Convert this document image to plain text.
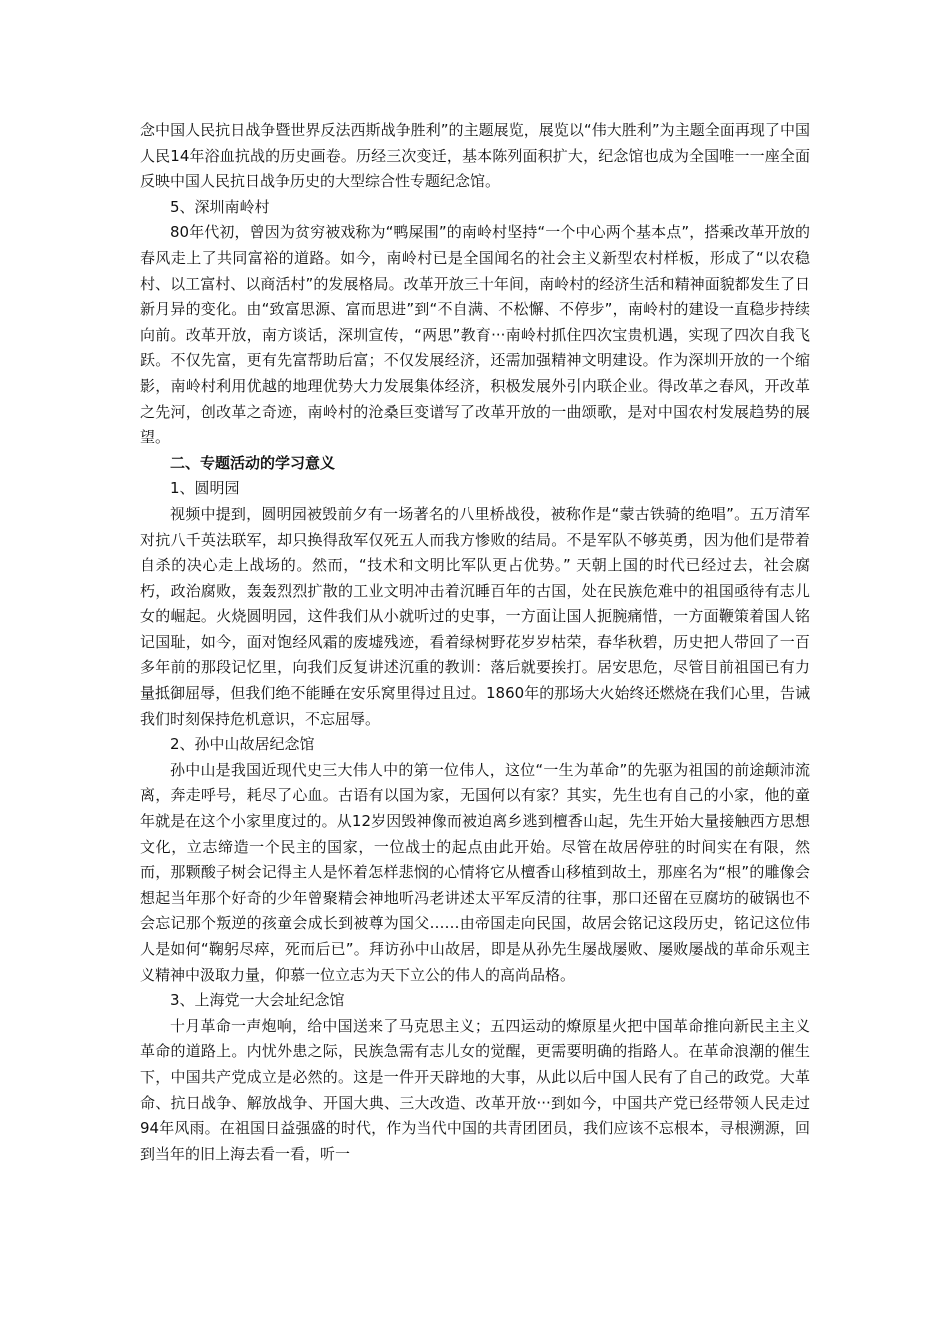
念中国人民抗日战争暨世界反法西斯战争胜利”的主题展览，展览以“伟大胜利”为主题全面再现了中国人民14年浴血抗战的历史画卷。历经三次变迁，基本陈列面积扩大，纪念馆也成为全国唯一一座全面反映中国人民抗日战争历史的大型综合性专题纪念馆。

5、深圳南岭村

80年代初，曾因为贫穷被戏称为“鸭屎围”的南岭村坚持“一个中心两个基本点”，搭乘改革开放的春风走上了共同富裕的道路。如今，南岭村已是全国闻名的社会主义新型农村样板，形成了“以农稳村、以工富村、以商活村”的发展格局。改革开放三十年间，南岭村的经济生活和精神面貌都发生了日新月异的变化。由“致富思源、富而思进”到“不自满、不松懈、不停步”，南岭村的建设一直稳步持续向前。改革开放，南方谈话，深圳宣传，“两思”教育···南岭村抓住四次宝贵机遇，实现了四次自我飞跃。不仅先富，更有先富帮助后富；不仅发展经济，还需加强精神文明建设。作为深圳开放的一个缩影，南岭村利用优越的地理优势大力发展集体经济，积极发展外引内联企业。得改革之春风，开改革之先河，创改革之奇迹，南岭村的沧桑巨变谱写了改革开放的一曲颂歌，是对中国农村发展趋势的展望。

二、专题活动的学习意义

1、圆明园

视频中提到，圆明园被毁前夕有一场著名的八里桥战役，被称作是“蒙古铁骑的绝唱”。五万清军对抗八千英法联军，却只换得敌军仅死五人而我方惨败的结局。不是军队不够英勇，因为他们是带着自杀的决心走上战场的。然而，“技术和文明比军队更占优势。” 天朝上国的时代已经过去，社会腐朽，政治腐败，轰轰烈烈扩散的工业文明冲击着沉睡百年的古国，处在民族危难中的祖国亟待有志儿女的崛起。火烧圆明园，这件我们从小就听过的史事，一方面让国人扼腕痛惜，一方面鞭策着国人铭记国耻，如今，面对饱经风霜的废墟残迹，看着绿树野花岁岁枯荣，春华秋碧，历史把人带回了一百多年前的那段记忆里，向我们反复讲述沉重的教训：落后就要挨打。居安思危，尽管目前祖国已有力量抵御屈辱，但我们绝不能睡在安乐窝里得过且过。1860年的那场大火始终还燃烧在我们心里，告诫我们时刻保持危机意识，不忘屈辱。

2、孙中山故居纪念馆

孙中山是我国近现代史三大伟人中的第一位伟人，这位“一生为革命”的先驱为祖国的前途颠沛流离，奔走呼号，耗尽了心血。古语有以国为家，无国何以有家？其实，先生也有自己的小家，他的童年就是在这个小家里度过的。从12岁因毁神像而被迫离乡逃到檀香山起，先生开始大量接触西方思想文化，立志缔造一个民主的国家，一位战士的起点由此开始。尽管在故居停驻的时间实在有限，然而，那颗酸子树会记得主人是怀着怎样悲悯的心情将它从檀香山移植到故土，那座名为“根”的雕像会想起当年那个好奇的少年曾聚精会神地听冯老讲述太平军反清的往事，那口还留在豆腐坊的破锅也不会忘记那个叛逆的孩童会成长到被尊为国父……由帝国走向民国，故居会铭记这段历史，铭记这位伟人是如何“鞠躬尽瘁，死而后已”。拜访孙中山故居，即是从孙先生屡战屡败、屡败屡战的革命乐观主义精神中汲取力量，仰慕一位立志为天下立公的伟人的高尚品格。

3、上海党一大会址纪念馆

十月革命一声炮响，给中国送来了马克思主义；五四运动的燎原星火把中国革命推向新民主主义革命的道路上。内忧外患之际，民族急需有志儿女的觉醒，更需要明确的指路人。在革命浪潮的催生下，中国共产党成立是必然的。这是一件开天辟地的大事，从此以后中国人民有了自己的政党。大革命、抗日战争、解放战争、开国大典、三大改造、改革开放···到如今，中国共产党已经带领人民走过94年风雨。在祖国日益强盛的时代，作为当代中国的共青团团员，我们应该不忘根本，寻根溯源，回到当年的旧上海去看一看，听一
